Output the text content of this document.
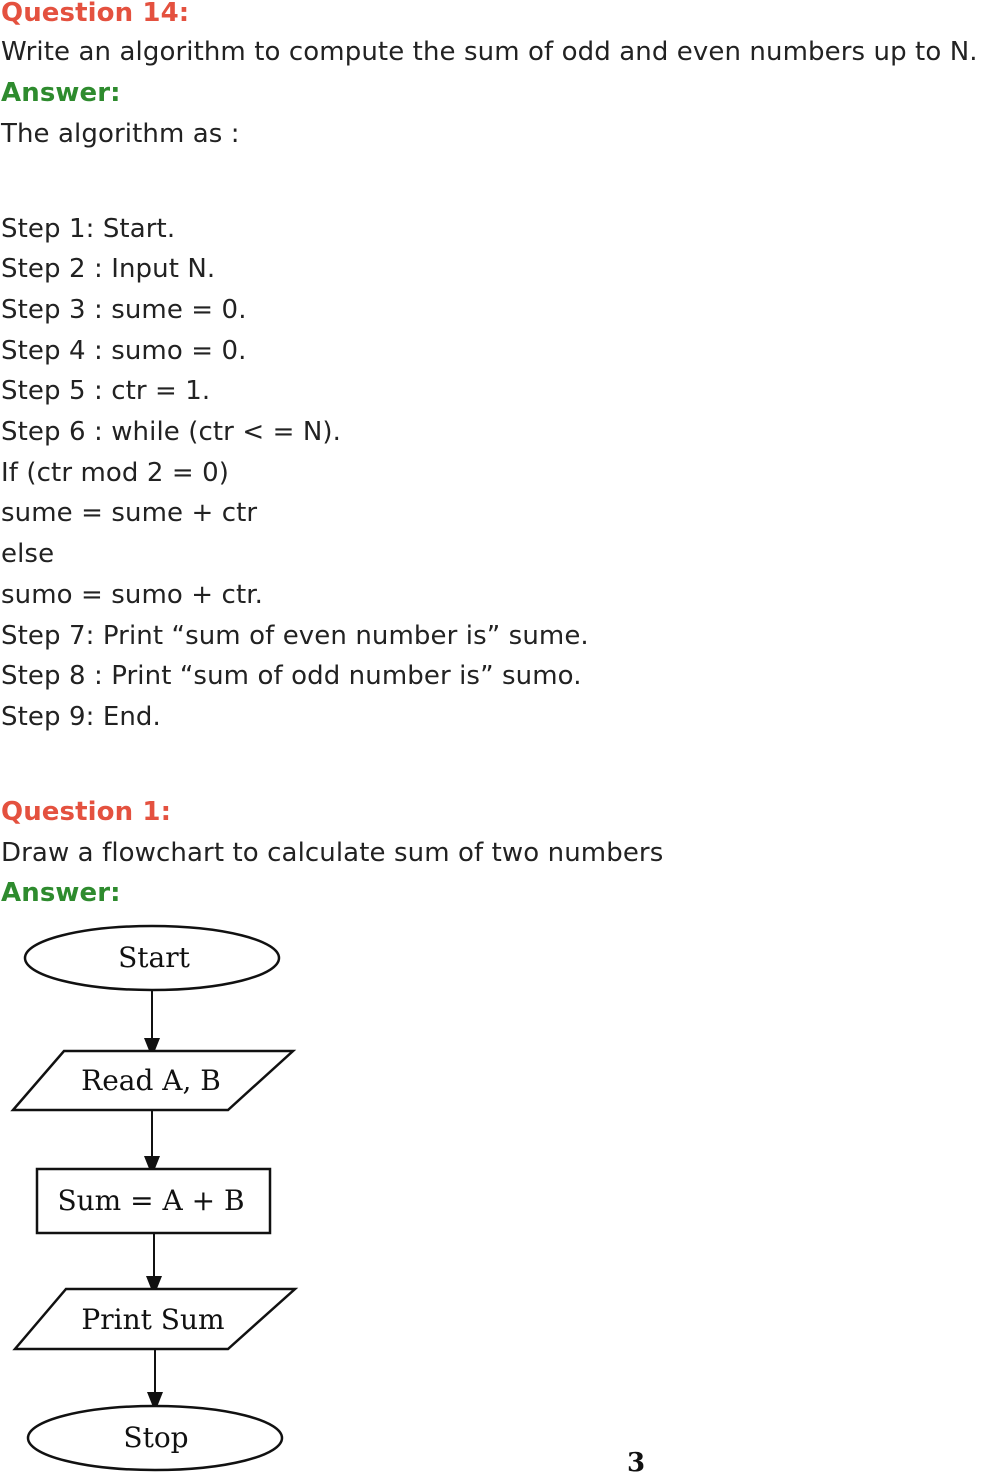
Question 14:
Write an algorithm to compute the sum of odd and even numbers up to N.
Answer:
The algorithm as :
Step 1: Start.
Step 2 : Input N.
Step 3 : sume = 0.
Step 4 : sumo = 0.
Step 5 : ctr = 1.
Step 6 : while (ctr < = N).
If (ctr mod 2 = 0)
sume = sume + ctr
else
sumo = sumo + ctr.
Step 7: Print “sum of even number is” sume.
Step 8 : Print “sum of odd number is” sumo.
Step 9: End.
Question 1:
Draw a flowchart to calculate sum of two numbers
Answer:
Start
Read A, B
Sum = A + B
Print Sum
Stop
3
